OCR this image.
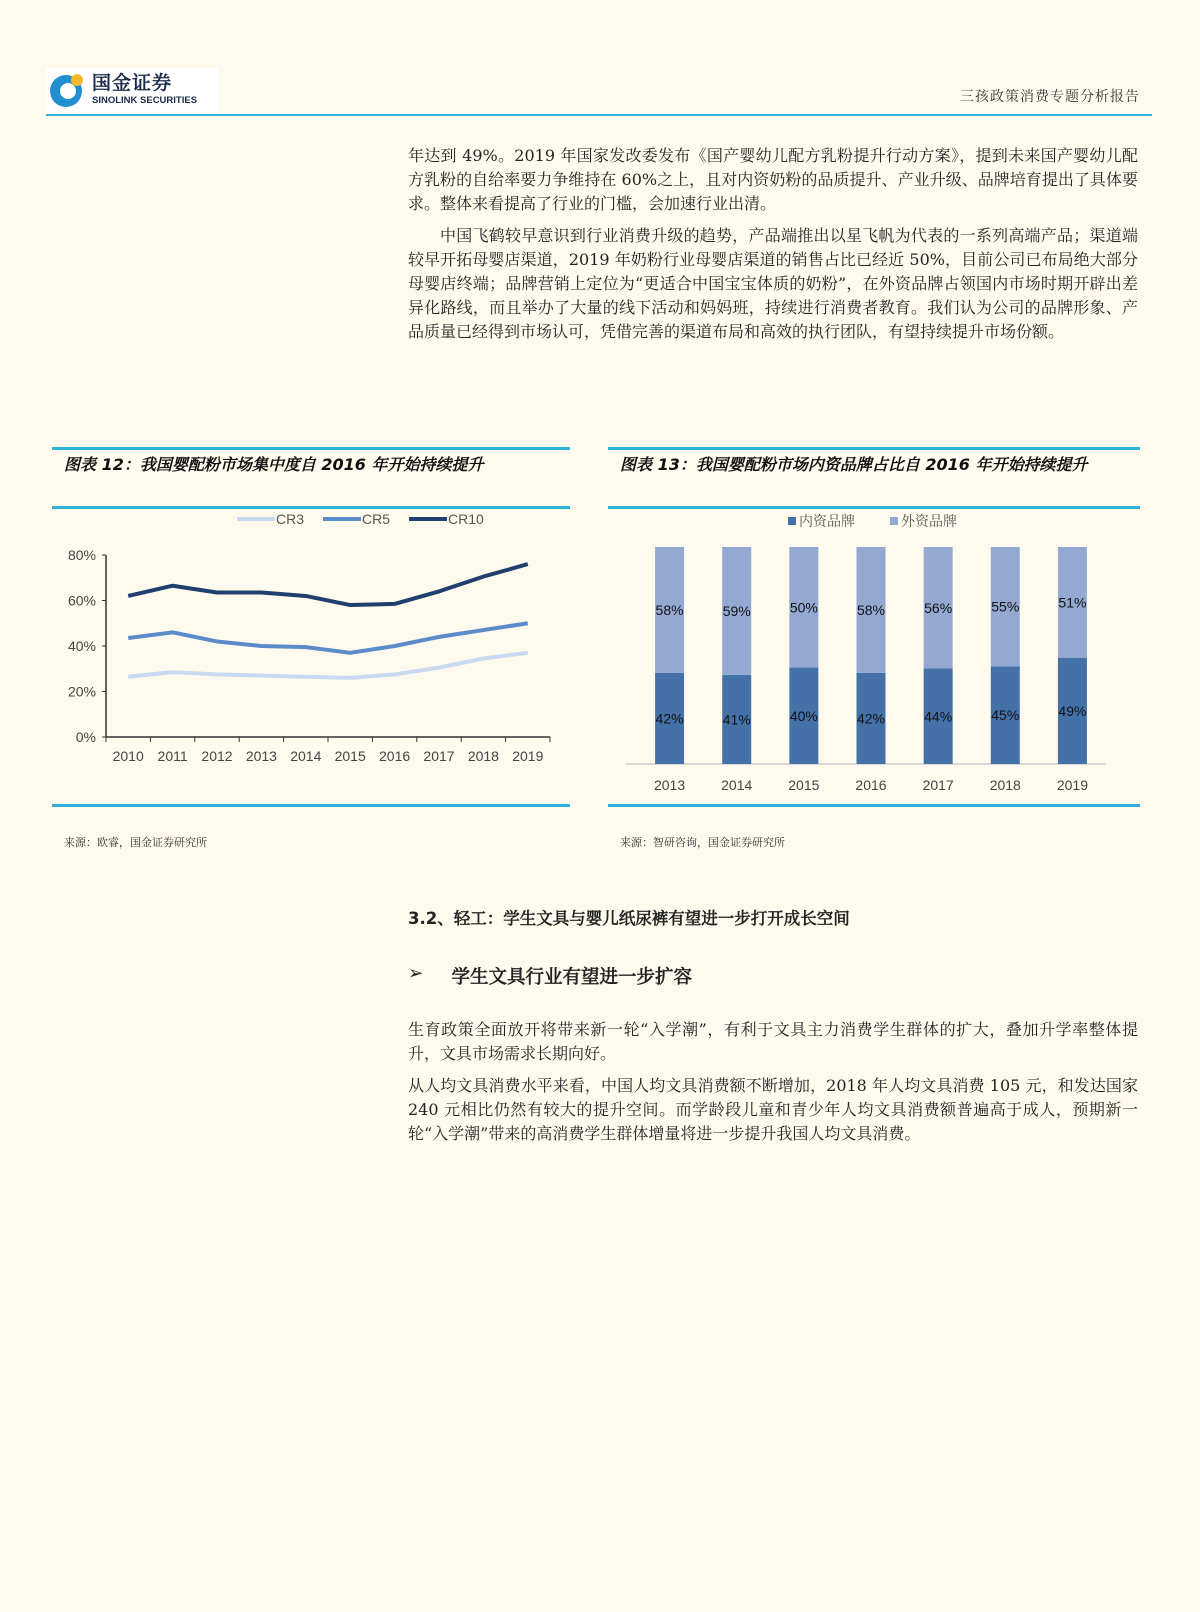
国金证券
SINOLINK SECURITIES	三孩政策消费专题分析报告

年达到 49%。2019 年国家发改委发布《国产婴幼儿配方乳粉提升行动方案》，提到未来国产婴幼儿配方乳粉的自给率要力争维持在 60%之上，且对内资奶粉的品质提升、产业升级、品牌培育提出了具体要求。整体来看提高了行业的门槛，会加速行业出清。

中国飞鹤较早意识到行业消费升级的趋势，产品端推出以星飞帆为代表的一系列高端产品；渠道端较早开拓母婴店渠道，2019 年奶粉行业母婴店渠道的销售占比已经近 50%，目前公司已布局绝大部分母婴店终端；品牌营销上定位为“更适合中国宝宝体质的奶粉”，在外资品牌占领国内市场时期开辟出差异化路线，而且举办了大量的线下活动和妈妈班，持续进行消费者教育。我们认为公司的品牌形象、产品质量已经得到市场认可，凭借完善的渠道布局和高效的执行团队，有望持续提升市场份额。

图表 12：我国婴配粉市场集中度自 2016 年开始持续提升
0%
20%
40%
60%
80%
2010 2011 2012 2013 2014 2015 2016 2017 2018 2019
CR3	CR5	CR10
来源：欧睿，国金证券研究所
图表 13：我国婴配粉市场内资品牌占比自 2016 年开始持续提升
42%
58%
2013
41%
59%
2014
40%
50%
2015
42%
58%
2016
44%
56%
2017
45%
55%
2018
49%
51%
2019
内资品牌	外资品牌
来源：智研咨询，国金证券研究所
3.2、轻工：学生文具与婴儿纸尿裤有望进一步打开成长空间
➢ 学生文具行业有望进一步扩容

生育政策全面放开将带来新一轮“入学潮”，有利于文具主力消费学生群体的扩大，叠加升学率整体提升，文具市场需求长期向好。

从人均文具消费水平来看，中国人均文具消费额不断增加，2018 年人均文具消费 105 元，和发达国家 240 元相比仍然有较大的提升空间。而学龄段儿童和青少年人均文具消费额普遍高于成人，预期新一轮“入学潮”带来的高消费学生群体增量将进一步提升我国人均文具消费。
